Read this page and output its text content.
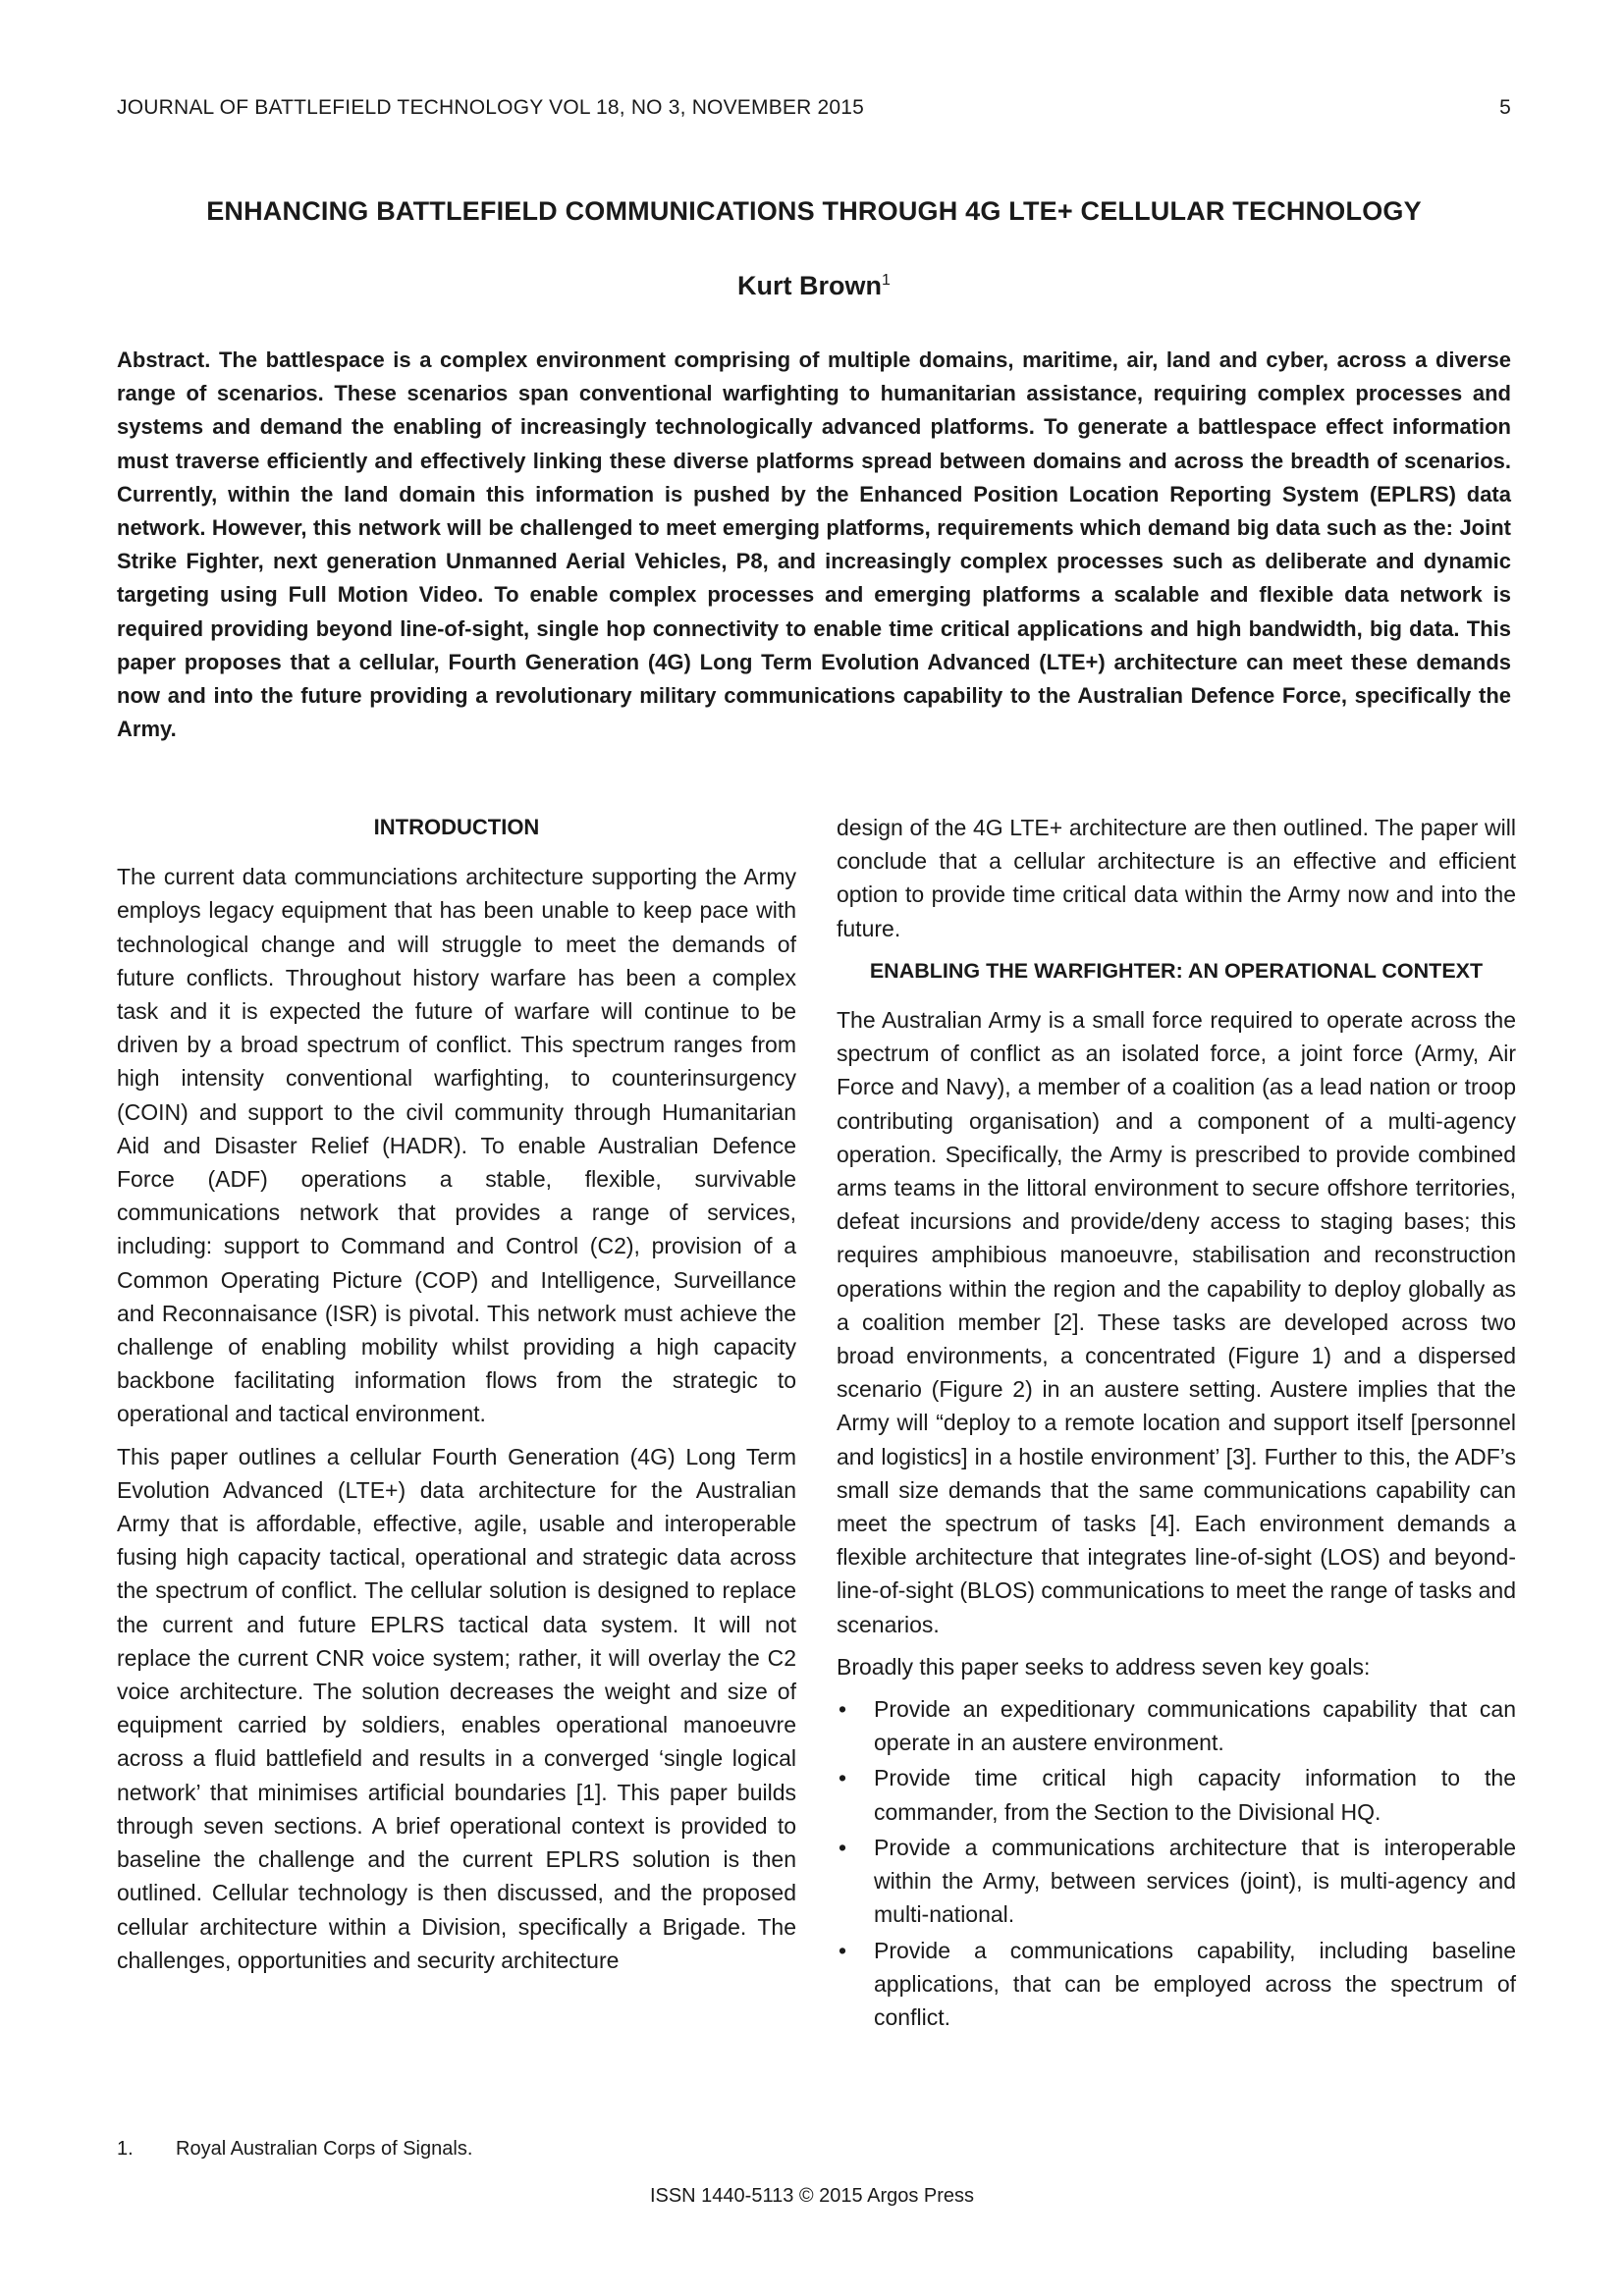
JOURNAL OF BATTLEFIELD TECHNOLOGY VOL 18, NO 3, NOVEMBER 2015	5
ENHANCING BATTLEFIELD COMMUNICATIONS THROUGH 4G LTE+ CELLULAR TECHNOLOGY
Kurt Brown$^1$
Abstract. The battlespace is a complex environment comprising of multiple domains, maritime, air, land and cyber, across a diverse range of scenarios. These scenarios span conventional warfighting to humanitarian assistance, requiring complex processes and systems and demand the enabling of increasingly technologically advanced platforms. To generate a battlespace effect information must traverse efficiently and effectively linking these diverse platforms spread between domains and across the breadth of scenarios. Currently, within the land domain this information is pushed by the Enhanced Position Location Reporting System (EPLRS) data network. However, this network will be challenged to meet emerging platforms, requirements which demand big data such as the: Joint Strike Fighter, next generation Unmanned Aerial Vehicles, P8, and increasingly complex processes such as deliberate and dynamic targeting using Full Motion Video. To enable complex processes and emerging platforms a scalable and flexible data network is required providing beyond line-of-sight, single hop connectivity to enable time critical applications and high bandwidth, big data. This paper proposes that a cellular, Fourth Generation (4G) Long Term Evolution Advanced (LTE+) architecture can meet these demands now and into the future providing a revolutionary military communications capability to the Australian Defence Force, specifically the Army.
INTRODUCTION

The current data communciations architecture supporting the Army employs legacy equipment that has been unable to keep pace with technological change and will struggle to meet the demands of future conflicts. Throughout history warfare has been a complex task and it is expected the future of warfare will continue to be driven by a broad spectrum of conflict. This spectrum ranges from high intensity conventional warfighting, to counterinsurgency (COIN) and support to the civil community through Humanitarian Aid and Disaster Relief (HADR). To enable Australian Defence Force (ADF) operations a stable, flexible, survivable communications network that provides a range of services, including: support to Command and Control (C2), provision of a Common Operating Picture (COP) and Intelligence, Surveillance and Reconnaisance (ISR) is pivotal. This network must achieve the challenge of enabling mobility whilst providing a high capacity backbone facilitating information flows from the strategic to operational and tactical environment.

This paper outlines a cellular Fourth Generation (4G) Long Term Evolution Advanced (LTE+) data architecture for the Australian Army that is affordable, effective, agile, usable and interoperable fusing high capacity tactical, operational and strategic data across the spectrum of conflict. The cellular solution is designed to replace the current and future EPLRS tactical data system. It will not replace the current CNR voice system; rather, it will overlay the C2 voice architecture. The solution decreases the weight and size of equipment carried by soldiers, enables operational manoeuvre across a fluid battlefield and results in a converged ‘single logical network’ that minimises artificial boundaries [1]. This paper builds through seven sections. A brief operational context is provided to baseline the challenge and the current EPLRS solution is then outlined. Cellular technology is then discussed, and the proposed cellular architecture within a Division, specifically a Brigade. The challenges, opportunities and security architecture

design of the 4G LTE+ architecture are then outlined. The paper will conclude that a cellular architecture is an effective and efficient option to provide time critical data within the Army now and into the future.

ENABLING THE WARFIGHTER: AN OPERATIONAL CONTEXT

The Australian Army is a small force required to operate across the spectrum of conflict as an isolated force, a joint force (Army, Air Force and Navy), a member of a coalition (as a lead nation or troop contributing organisation) and a component of a multi-agency operation. Specifically, the Army is prescribed to provide combined arms teams in the littoral environment to secure offshore territories, defeat incursions and provide/deny access to staging bases; this requires amphibious manoeuvre, stabilisation and reconstruction operations within the region and the capability to deploy globally as a coalition member [2]. These tasks are developed across two broad environments, a concentrated (Figure 1) and a dispersed scenario (Figure 2) in an austere setting. Austere implies that the Army will “deploy to a remote location and support itself [personnel and logistics] in a hostile environment’ [3]. Further to this, the ADF’s small size demands that the same communications capability can meet the spectrum of tasks [4]. Each environment demands a flexible architecture that integrates line-of-sight (LOS) and beyond-line-of-sight (BLOS) communications to meet the range of tasks and scenarios.

Broadly this paper seeks to address seven key goals:

•	Provide an expeditionary communications capability that can operate in an austere environment.
•	Provide time critical high capacity information to the commander, from the Section to the Divisional HQ.
•	Provide a communications architecture that is interoperable within the Army, between services (joint), is multi-agency and multi-national.
•	Provide a communications capability, including baseline applications, that can be employed across the spectrum of conflict.
1.	Royal Australian Corps of Signals.
ISSN 1440-5113 © 2015 Argos Press
